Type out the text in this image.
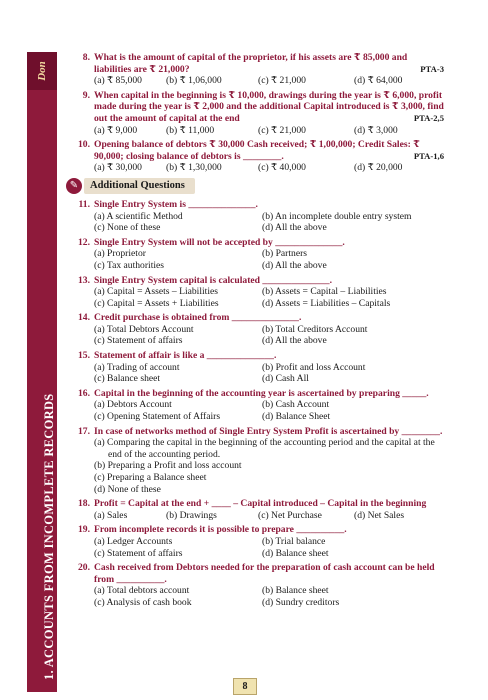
Don
1. ACCOUNTS FROM INCOMPLETE RECORDS
8. What is the amount of capital of the proprietor, if his assets are ₹ 85,000 and liabilities are ₹ 21,000?	PTA-3
(a) ₹ 85,000	(b) ₹ 1,06,000	(c) ₹ 21,000	(d) ₹ 64,000
9. When capital in the beginning is ₹ 10,000, drawings during the year is ₹ 6,000, profit made during the year is ₹ 2,000 and the additional Capital introduced is ₹ 3,000, find out the amount of capital at the end	PTA-2,5
(a) ₹ 9,000	(b) ₹ 11,000	(c) ₹ 21,000	(d) ₹ 3,000
10. Opening balance of debtors ₹ 30,000 Cash received; ₹ 1,00,000; Credit Sales: ₹ 90,000; closing balance of debtors is ________.	PTA-1,6
(a) ₹ 30,000	(b) ₹ 1,30,000	(c) ₹ 40,000	(d) ₹ 20,000
✎	Additional Questions
11. Single Entry System is ______________.
(a) A scientific Method	(b) An incomplete double entry system
(c) None of these	(d) All the above
12. Single Entry System will not be accepted by ______________.
(a) Proprietor	(b) Partners
(c) Tax authorities	(d) All the above
13. Single Entry System capital is calculated ______________.
(a) Capital = Assets – Liabilities	(b) Assets = Capital – Liabilities
(c) Capital = Assets + Liabilities	(d) Assets = Liabilities – Capitals
14. Credit purchase is obtained from ______________.
(a) Total Debtors Account	(b) Total Creditors Account
(c) Statement of affairs	(d) All the above
15. Statement of affair is like a ______________.
(a) Trading of account	(b) Profit and loss Account
(c) Balance sheet	(d) Cash All
16. Capital in the beginning of the accounting year is ascertained by preparing _____.
(a) Debtors Account	(b) Cash Account
(c) Opening Statement of Affairs	(d) Balance Sheet
17. In case of networks method of Single Entry System Profit is ascertained by ________.
(a) Comparing the capital in the beginning of the accounting period and the capital at the end of the accounting period.
(b) Preparing a Profit and loss account
(c) Preparing a Balance sheet
(d) None of these
18. Profit = Capital at the end + ____ – Capital introduced – Capital in the beginning
(a) Sales	(b) Drawings	(c) Net Purchase	(d) Net Sales
19. From incomplete records it is possible to prepare __________.
(a) Ledger Accounts	(b) Trial balance
(c) Statement of affairs	(d) Balance sheet
20. Cash received from Debtors needed for the preparation of cash account can be held from __________.
(a) Total debtors account	(b) Balance sheet
(c) Analysis of cash book	(d) Sundry creditors
8
